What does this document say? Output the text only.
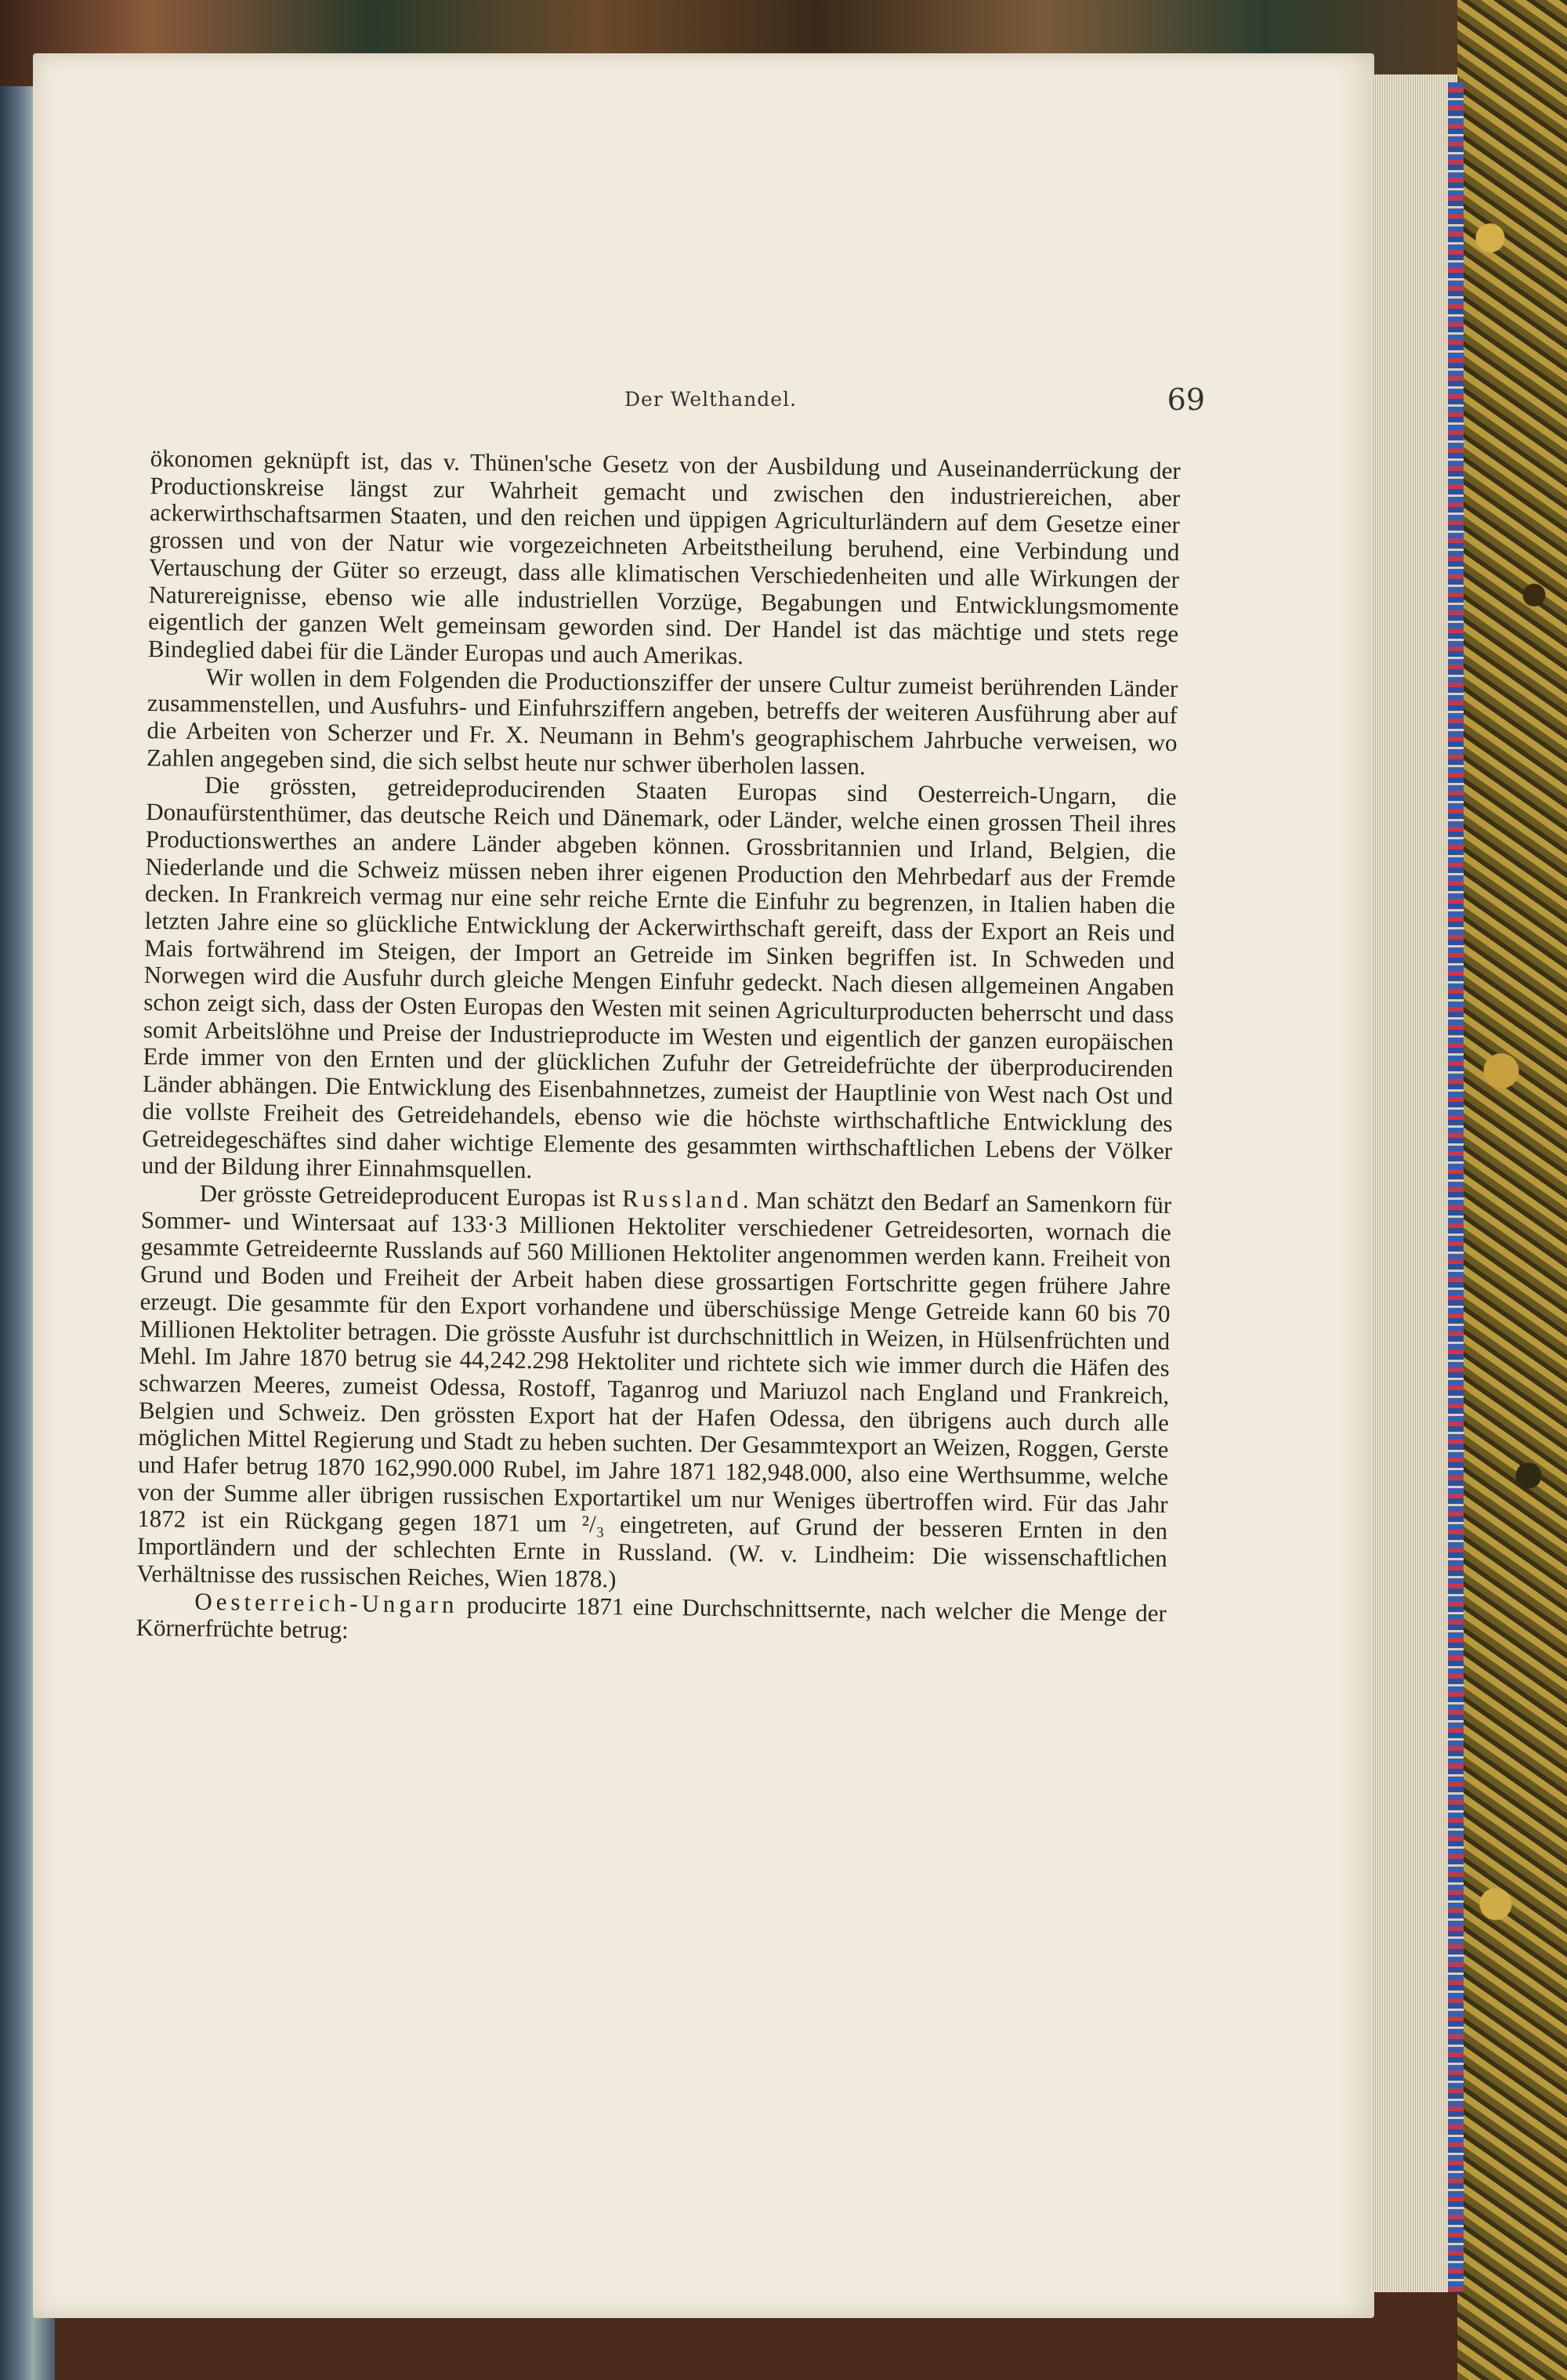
Der Welthandel.	69

ökonomen geknüpft ist, das v. Thünen'sche Gesetz von der Ausbildung und Auseinanderrückung der Productionskreise längst zur Wahrheit gemacht und zwischen den industriereichen, aber ackerwirthschaftsarmen Staaten, und den reichen und üppigen Agriculturländern auf dem Gesetze einer grossen und von der Natur wie vorgezeichneten Arbeitstheilung beruhend, eine Verbindung und Vertauschung der Güter so erzeugt, dass alle klimatischen Verschiedenheiten und alle Wirkungen der Naturereignisse, ebenso wie alle industriellen Vorzüge, Begabungen und Entwicklungsmomente eigentlich der ganzen Welt gemeinsam geworden sind. Der Handel ist das mächtige und stets rege Bindeglied dabei für die Länder Europas und auch Amerikas.

Wir wollen in dem Folgenden die Productionsziffer der unsere Cultur zumeist berührenden Länder zusammenstellen, und Ausfuhrs- und Einfuhrsziffern angeben, betreffs der weiteren Ausführung aber auf die Arbeiten von Scherzer und Fr. X. Neumann in Behm's geographischem Jahrbuche verweisen, wo Zahlen angegeben sind, die sich selbst heute nur schwer überholen lassen.

Die grössten, getreideproducirenden Staaten Europas sind Oesterreich-Ungarn, die Donaufürstenthümer, das deutsche Reich und Dänemark, oder Länder, welche einen grossen Theil ihres Productionswerthes an andere Länder abgeben können. Grossbritannien und Irland, Belgien, die Niederlande und die Schweiz müssen neben ihrer eigenen Production den Mehrbedarf aus der Fremde decken. In Frankreich vermag nur eine sehr reiche Ernte die Einfuhr zu begrenzen, in Italien haben die letzten Jahre eine so glückliche Entwicklung der Ackerwirthschaft gereift, dass der Export an Reis und Mais fortwährend im Steigen, der Import an Getreide im Sinken begriffen ist. In Schweden und Norwegen wird die Ausfuhr durch gleiche Mengen Einfuhr gedeckt. Nach diesen allgemeinen Angaben schon zeigt sich, dass der Osten Europas den Westen mit seinen Agriculturproducten beherrscht und dass somit Arbeitslöhne und Preise der Industrieproducte im Westen und eigentlich der ganzen europäischen Erde immer von den Ernten und der glücklichen Zufuhr der Getreidefrüchte der überproducirenden Länder abhängen. Die Entwicklung des Eisenbahnnetzes, zumeist der Hauptlinie von West nach Ost und die vollste Freiheit des Getreidehandels, ebenso wie die höchste wirthschaftliche Entwicklung des Getreidegeschäftes sind daher wichtige Elemente des gesammten wirthschaftlichen Lebens der Völker und der Bildung ihrer Einnahmsquellen.

Der grösste Getreideproducent Europas ist Russland. Man schätzt den Bedarf an Samenkorn für Sommer- und Wintersaat auf 133·3 Millionen Hektoliter verschiedener Getreidesorten, wornach die gesammte Getreideernte Russlands auf 560 Millionen Hektoliter angenommen werden kann. Freiheit von Grund und Boden und Freiheit der Arbeit haben diese grossartigen Fortschritte gegen frühere Jahre erzeugt. Die gesammte für den Export vorhandene und überschüssige Menge Getreide kann 60 bis 70 Millionen Hektoliter betragen. Die grösste Ausfuhr ist durchschnittlich in Weizen, in Hülsenfrüchten und Mehl. Im Jahre 1870 betrug sie 44,242.298 Hektoliter und richtete sich wie immer durch die Häfen des schwarzen Meeres, zumeist Odessa, Rostoff, Taganrog und Mariuzol nach England und Frankreich, Belgien und Schweiz. Den grössten Export hat der Hafen Odessa, den übrigens auch durch alle möglichen Mittel Regierung und Stadt zu heben suchten. Der Gesammtexport an Weizen, Roggen, Gerste und Hafer betrug 1870 162,990.000 Rubel, im Jahre 1871 182,948.000, also eine Werthsumme, welche von der Summe aller übrigen russischen Exportartikel um nur Weniges übertroffen wird. Für das Jahr 1872 ist ein Rückgang gegen 1871 um ²/₃ eingetreten, auf Grund der besseren Ernten in den Importländern und der schlechten Ernte in Russland. (W. v. Lindheim: Die wissenschaftlichen Verhältnisse des russischen Reiches, Wien 1878.)

Oesterreich-Ungarn producirte 1871 eine Durchschnittsernte, nach welcher die Menge der Körnerfrüchte betrug:
